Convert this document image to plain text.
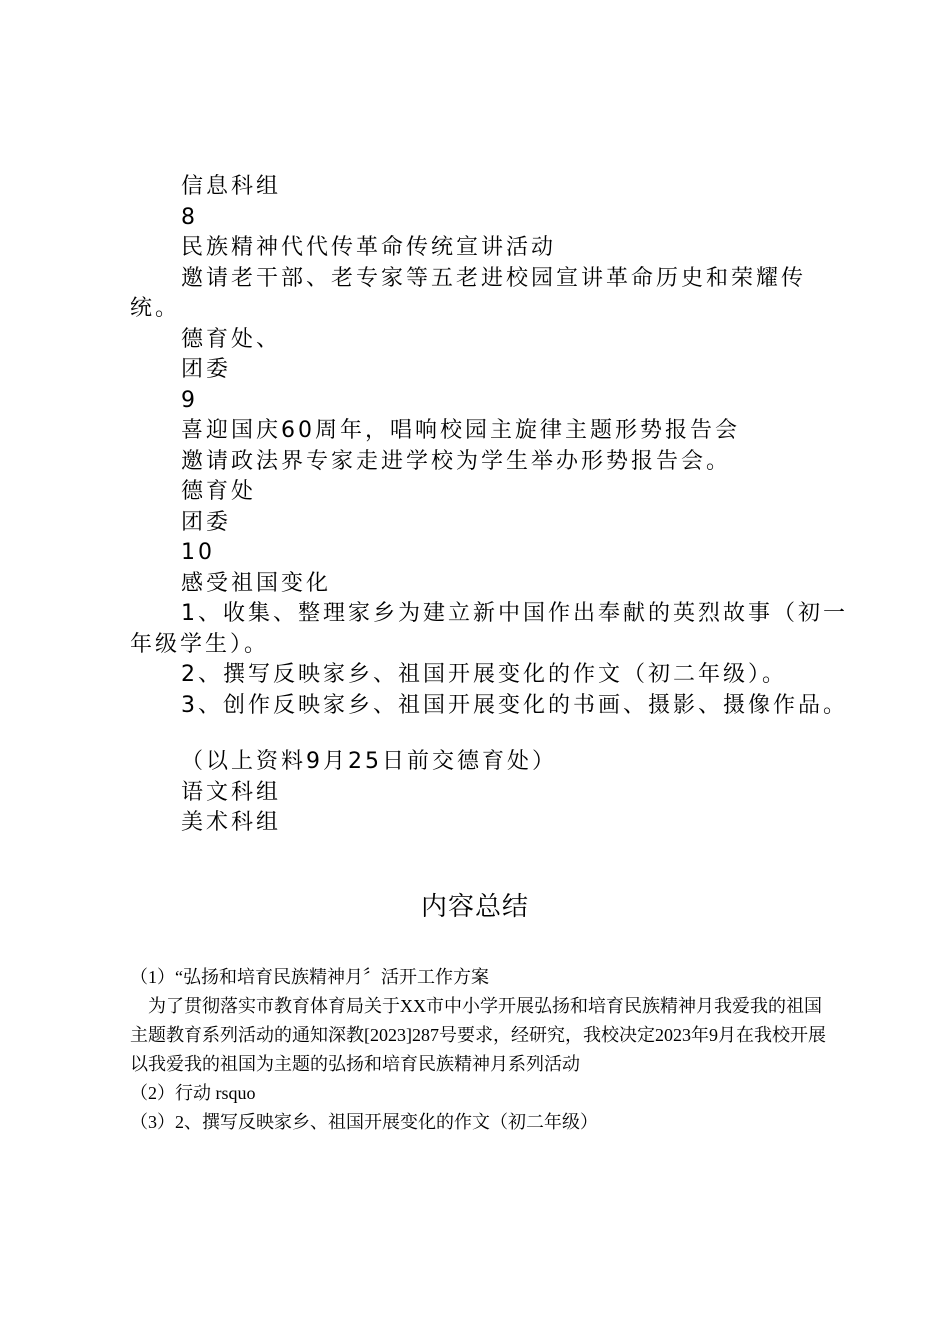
信息科组

8

民族精神代代传革命传统宣讲活动

邀请老干部、老专家等五老进校园宣讲革命历史和荣耀传统。

德育处、

团委

9

喜迎国庆60周年，唱响校园主旋律主题形势报告会

邀请政法界专家走进学校为学生举办形势报告会。

德育处

团委

10

感受祖国变化

1、收集、整理家乡为建立新中国作出奉献的英烈故事（初一年级学生）。

2、撰写反映家乡、祖国开展变化的作文（初二年级）。

3、创作反映家乡、祖国开展变化的书画、摄影、摄像作品。

（以上资料9月25日前交德育处）

语文科组

美术科组

内容总结

（1）“弘扬和培育民族精神月〞活开工作方案

为了贯彻落实市教育体育局关于XX市中小学开展弘扬和培育民族精神月我爱我的祖国主题教育系列活动的通知深教[2023]287号要求，经研究，我校决定2023年9月在我校开展以我爱我的祖国为主题的弘扬和培育民族精神月系列活动

（2）行动 rsquo

（3）2、撰写反映家乡、祖国开展变化的作文（初二年级）
